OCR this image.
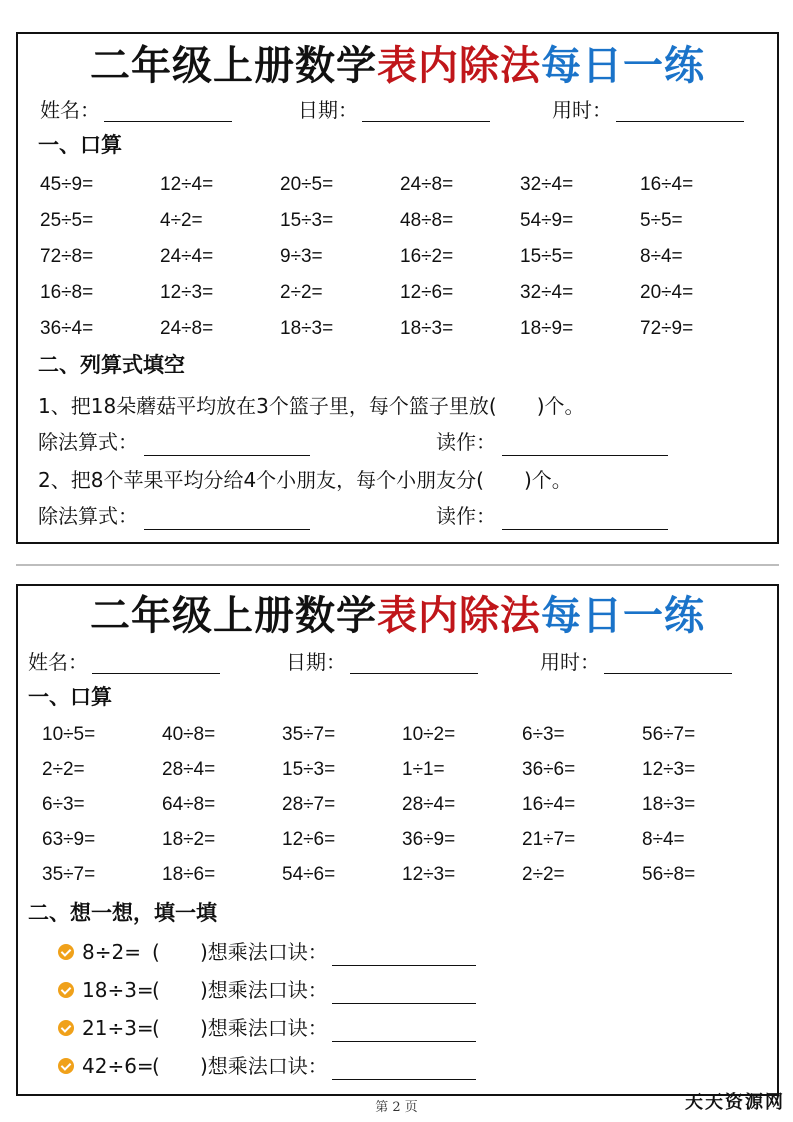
二年级上册数学表内除法每日一练
姓名：	日期：	用时：
一、口算
45÷9=	12÷4=	20÷5=	24÷8=	32÷4=	16÷4=
25÷5=	4÷2=	15÷3=	48÷8=	54÷9=	5÷5=
72÷8=	24÷4=	9÷3=	16÷2=	15÷5=	8÷4=
16÷8=	12÷3=	2÷2=	12÷6=	32÷4=	20÷4=
36÷4=	24÷8=	18÷3=	18÷3=	18÷9=	72÷9=
二、列算式填空
1、把18朵蘑菇平均放在3个篮子里，每个篮子里放(　　)个。
除法算式：	读作：
2、把8个苹果平均分给4个小朋友，每个小朋友分(　　)个。
除法算式：	读作：
二年级上册数学表内除法每日一练
姓名：	日期：	用时：
一、口算
10÷5=	40÷8=	35÷7=	10÷2=	6÷3=	56÷7=
2÷2=	28÷4=	15÷3=	1÷1=	36÷6=	12÷3=
6÷3=	64÷8=	28÷7=	28÷4=	16÷4=	18÷3=
63÷9=	18÷2=	12÷6=	36÷9=	21÷7=	8÷4=
35÷7=	18÷6=	54÷6=	12÷3=	2÷2=	56÷8=
二、想一想，填一填
8÷2= ( )想乘法口诀：
18÷3=( )想乘法口诀：
21÷3=( )想乘法口诀：
42÷6=( )想乘法口诀：
第 2 页	天天资源网
